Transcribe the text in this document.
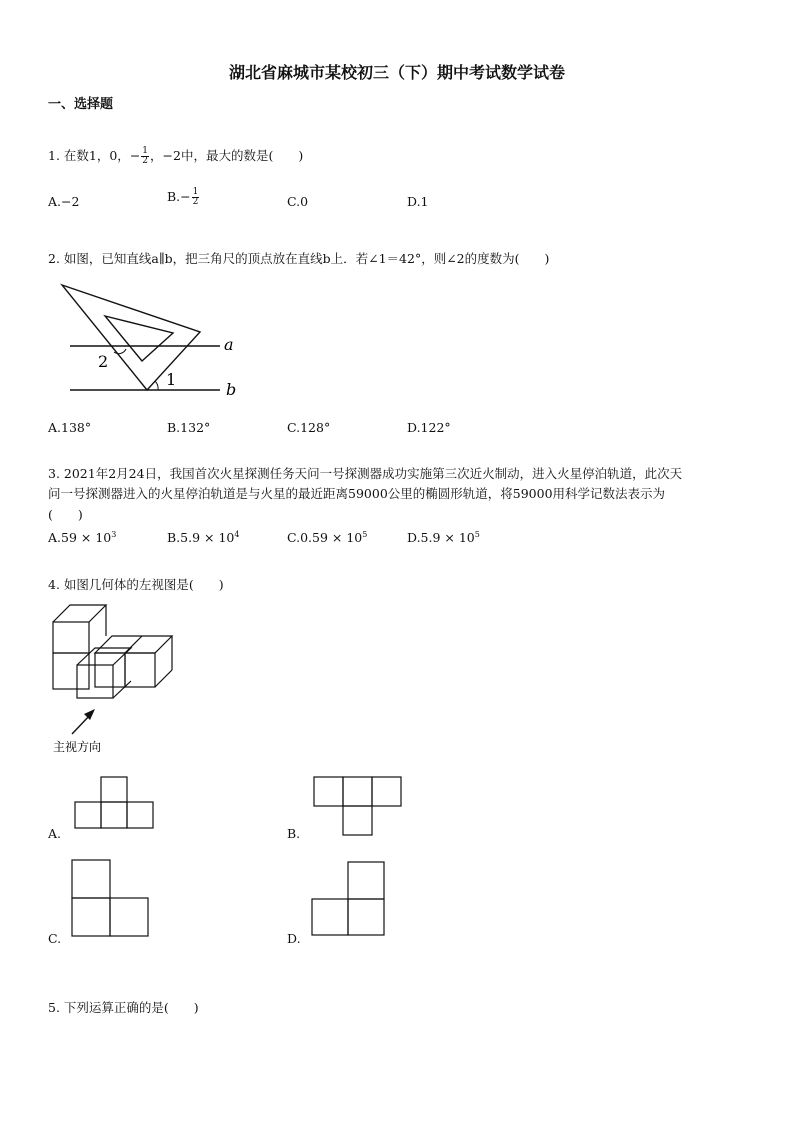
湖北省麻城市某校初三（下）期中考试数学试卷
一、选择题
1. 在数1，0，− $\frac{1}{2}$ ，−2中，最大的数是(　　)
A.−2	$B.- \frac{1}{2}$	C.0	D.1
2. 如图，已知直线a∥b，把三角尺的顶点放在直线b上．若∠1＝42°，则∠2的度数为(　　)
a
b
1
2
A.138°	B.132°	C.128°	D.122°
3. 2021年2月24日，我国首次火星探测任务天问一号探测器成功实施第三次近火制动，进入火星停泊轨道，此次天
问一号探测器进入的火星停泊轨道是与火星的最近距离59000公里的椭圆形轨道，将59000用科学记数法表示为
(　　)
$A.59 \times 10^3$	$B.5.9 \times 10^4$	$C.0.59 \times 10^5$	$D.5.9 \times 10^5$
4. 如图几何体的左视图是(　　)
主视方向
A.	B.
C.	D.
5. 下列运算正确的是(　　)
